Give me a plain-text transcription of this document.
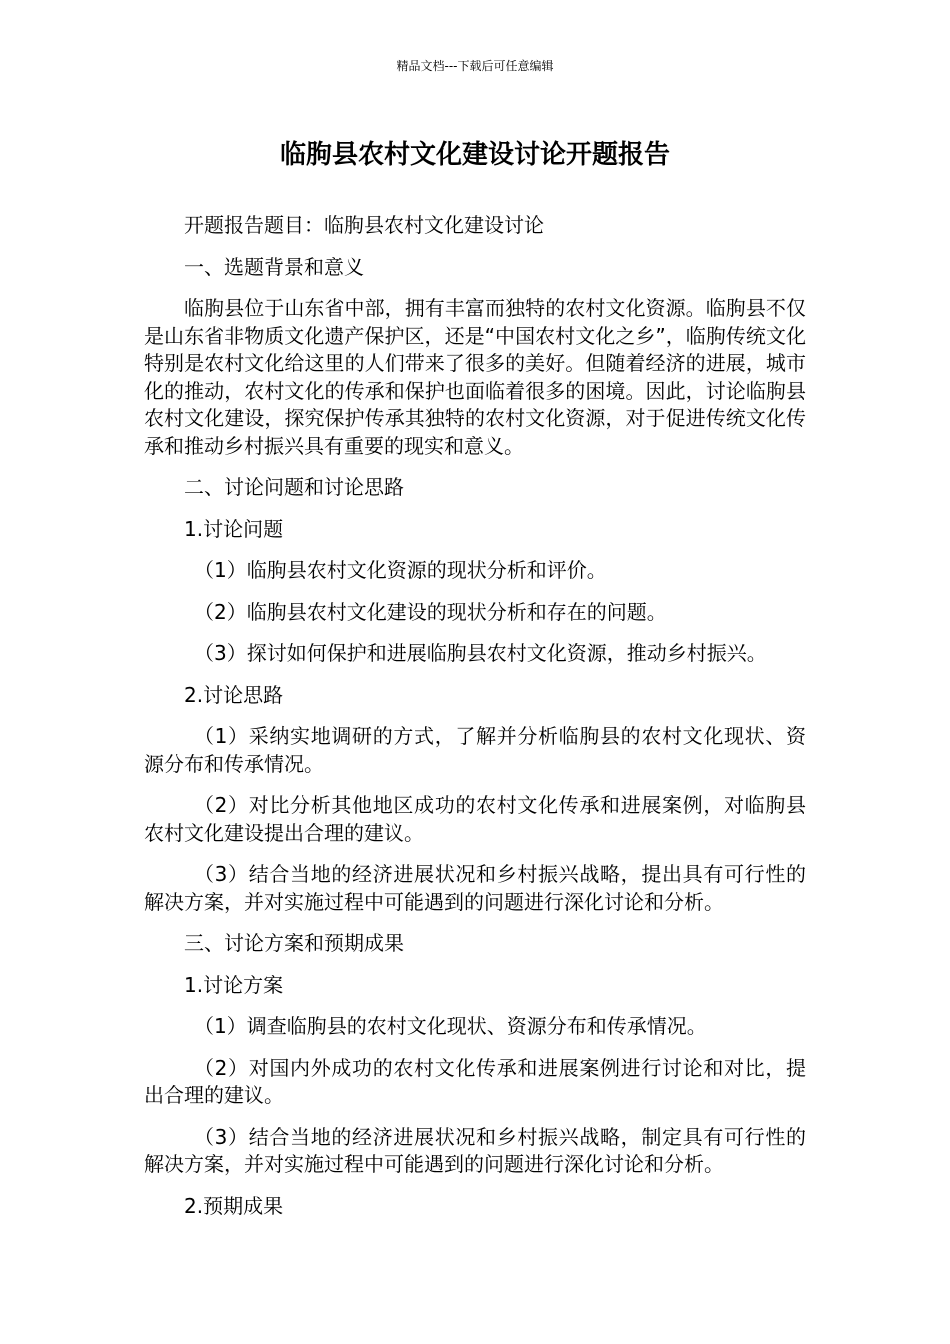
精品文档---下载后可任意编辑
临朐县农村文化建设讨论开题报告

开题报告题目：临朐县农村文化建设讨论

一、选题背景和意义

临朐县位于山东省中部，拥有丰富而独特的农村文化资源。临朐县不仅是山东省非物质文化遗产保护区，还是“中国农村文化之乡”，临朐传统文化特别是农村文化给这里的人们带来了很多的美好。但随着经济的进展，城市化的推动，农村文化的传承和保护也面临着很多的困境。因此，讨论临朐县农村文化建设，探究保护传承其独特的农村文化资源，对于促进传统文化传承和推动乡村振兴具有重要的现实和意义。

二、讨论问题和讨论思路

1.讨论问题

（1）临朐县农村文化资源的现状分析和评价。

（2）临朐县农村文化建设的现状分析和存在的问题。

（3）探讨如何保护和进展临朐县农村文化资源，推动乡村振兴。

2.讨论思路

（1）采纳实地调研的方式，了解并分析临朐县的农村文化现状、资源分布和传承情况。

（2）对比分析其他地区成功的农村文化传承和进展案例，对临朐县农村文化建设提出合理的建议。

（3）结合当地的经济进展状况和乡村振兴战略，提出具有可行性的解决方案，并对实施过程中可能遇到的问题进行深化讨论和分析。

三、讨论方案和预期成果

1.讨论方案

（1）调查临朐县的农村文化现状、资源分布和传承情况。

（2）对国内外成功的农村文化传承和进展案例进行讨论和对比，提出合理的建议。

（3）结合当地的经济进展状况和乡村振兴战略，制定具有可行性的解决方案，并对实施过程中可能遇到的问题进行深化讨论和分析。

2.预期成果
